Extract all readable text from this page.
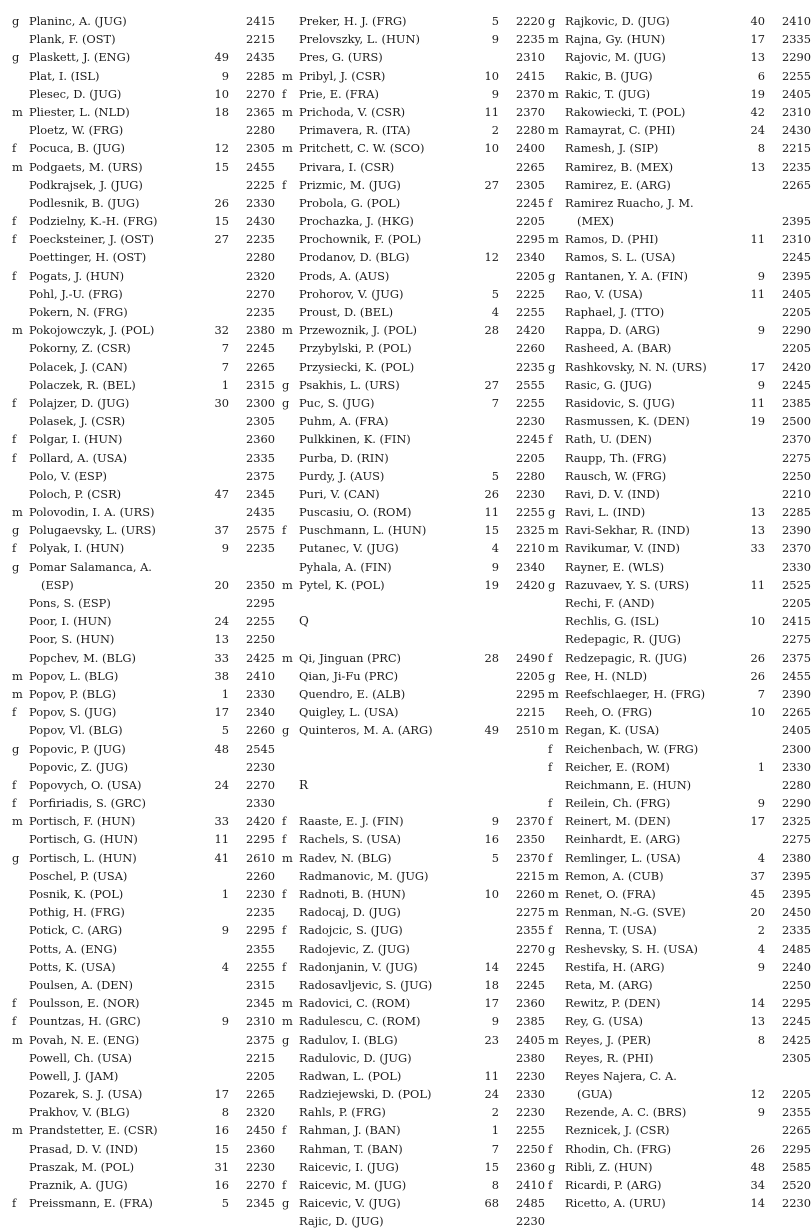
g Planinc, A. (JUG)	2415
Plank, F. (OST)	2215
g Plaskett, J. (ENG)	49	2435
Plat, I. (ISL)	9	2285
Plesec, D. (JUG)	10	2270
m Pliester, L. (NLD)	18	2365
Ploetz, W. (FRG)	2280
f	Pocuca, B. (JUG)	12	2305
m Podgaets, M. (URS)	15	2455
Podkrajsek, J. (JUG)	2225
Podlesnik, B. (JUG)	26	2330
f	Podzielny, K.-H. (FRG)	15	2430
f	Poecksteiner, J. (OST)	27	2235
Poettinger, H. (OST)	2280
f	Pogats, J. (HUN)	2320
Pohl, J.-U. (FRG)	2270
Pokern, N. (FRG)	2235
m Pokojowczyk, J. (POL)	32	2380
Pokorny, Z. (CSR)	7	2245
Polacek, J. (CAN)	7	2265
Polaczek, R. (BEL)	1	2315
f	Polajzer, D. (JUG)	30	2300
Polasek, J. (CSR)	2305
f	Polgar, I. (HUN)	2360
f	Pollard, A. (USA)	2335
Polo, V. (ESP)	2375
Poloch, P. (CSR)	47	2345
m Polovodin, I. A. (URS)	2435
g Polugaevsky, L. (URS)	37	2575
f	Polyak, I. (HUN)	9	2235
g Pomar Salamanca, A.
(ESP)	20	2350
Pons, S. (ESP)	2295
Poor, I. (HUN)	24	2255
Poor, S. (HUN)	13	2250
Popchev, M. (BLG)	33	2425
m Popov, L. (BLG)	38	2410
m Popov, P. (BLG)	1	2330
f	Popov, S. (JUG)	17	2340
Popov, Vl. (BLG)	5	2260
g Popovic, P. (JUG)	48	2545
Popovic, Z. (JUG)	2230
f	Popovych, O. (USA)	24	2270
f	Porfiriadis, S. (GRC)	2330
m Portisch, F. (HUN)	33	2420
Portisch, G. (HUN)	11	2295
g Portisch, L. (HUN)	41	2610
Poschel, P. (USA)	2260
Posnik, K. (POL)	1	2230
Pothig, H. (FRG)	2235
Potick, C. (ARG)	9	2295
Potts, A. (ENG)	2355
Potts, K. (USA)	4	2255
Poulsen, A. (DEN)	2315
f	Poulsson, E. (NOR)	2345
f	Pountzas, H. (GRC)	9	2310
m Povah, N. E. (ENG)	2375
Powell, Ch. (USA)	2215
Powell, J. (JAM)	2205
Pozarek, S. J. (USA)	17	2265
Prakhov, V. (BLG)	8	2320
m Prandstetter, E. (CSR)	16	2450
Prasad, D. V. (IND)	15	2360
Praszak, M. (POL)	31	2230
Praznik, A. (JUG)	16	2270
f	Preissmann, E. (FRA)	5	2345
Preker, H. J. (FRG)	5	2220
Prelovszky, L. (HUN)	9	2235
Pres, G. (URS)	2310
m Pribyl, J. (CSR)	10	2415
f	Prie, E. (FRA)	9	2370
m Prichoda, V. (CSR)	11	2370
Primavera, R. (ITA)	2	2280
m Pritchett, C. W. (SCO)	10	2400
Privara, I. (CSR)	2265
f	Prizmic, M. (JUG)	27	2305
Probola, G. (POL)	2245
Prochazka, J. (HKG)	2205
Prochownik, F. (POL)	2295
Prodanov, D. (BLG)	12	2340
Prods, A. (AUS)	2205
Prohorov, V. (JUG)	5	2225
Proust, D. (BEL)	4	2255
m Przewoznik, J. (POL)	28	2420
Przybylski, P. (POL)	2260
Przysiecki, K. (POL)	2235
g Psakhis, L. (URS)	27	2555
g Puc, S. (JUG)	7	2255
Puhm, A. (FRA)	2230
Pulkkinen, K. (FIN)	2245
Purba, D. (RIN)	2205
Purdy, J. (AUS)	5	2280
Puri, V. (CAN)	26	2230
Puscasiu, O. (ROM)	11	2255
f	Puschmann, L. (HUN)	15	2325
Putanec, V. (JUG)	4	2210
Pyhala, A. (FIN)	9	2340
m Pytel, K. (POL)	19	2420
Q
m Qi, Jinguan (PRC)	28	2490
Qian, Ji-Fu (PRC)	2205
Quendro, E. (ALB)	2295
Quigley, L. (USA)	2215
g Quinteros, M. A. (ARG)	49	2510
R
f	Raaste, E. J. (FIN)	9	2370
f	Rachels, S. (USA)	16	2350
m Radev, N. (BLG)	5	2370
Radmanovic, M. (JUG)	2215
f	Radnoti, B. (HUN)	10	2260
Radocaj, D. (JUG)	2275
f	Radojcic, S. (JUG)	2355
Radojevic, Z. (JUG)	2270
f	Radonjanin, V. (JUG)	14	2245
Radosavljevic, S. (JUG)	18	2245
m Radovici, C. (ROM)	17	2360
m Radulescu, C. (ROM)	9	2385
g Radulov, I. (BLG)	23	2405
Radulovic, D. (JUG)	2380
Radwan, L. (POL)	11	2230
Radziejewski, D. (POL)	24	2330
Rahls, P. (FRG)	2	2230
f	Rahman, J. (BAN)	1	2255
Rahman, T. (BAN)	7	2250
Raicevic, I. (JUG)	15	2360
f	Raicevic, M. (JUG)	8	2410
g Raicevic, V. (JUG)	68	2485
Rajic, D. (JUG)	2230
g Rajkovic, D. (JUG)	40	2410
m Rajna, Gy. (HUN)	17	2335
Rajovic, M. (JUG)	13	2290
Rakic, B. (JUG)	6	2255
m Rakic, T. (JUG)	19	2405
Rakowiecki, T. (POL)	42	2310
m Ramayrat, C. (PHI)	24	2430
Ramesh, J. (SIP)	8	2215
Ramirez, B. (MEX)	13	2235
Ramirez, E. (ARG)	2265
f	Ramirez Ruacho, J. M.
(MEX)	2395
m Ramos, D. (PHI)	11	2310
Ramos, S. L. (USA)	2245
g Rantanen, Y. A. (FIN)	9	2395
Rao, V. (USA)	11	2405
Raphael, J. (TTO)	2205
Rappa, D. (ARG)	9	2290
Rasheed, A. (BAR)	2205
g Rashkovsky, N. N. (URS)	17	2420
Rasic, G. (JUG)	9	2245
Rasidovic, S. (JUG)	11	2385
Rasmussen, K. (DEN)	19	2500
f	Rath, U. (DEN)	2370
Raupp, Th. (FRG)	2275
Rausch, W. (FRG)	2250
Ravi, D. V. (IND)	2210
g Ravi, L. (IND)	13	2285
m Ravi-Sekhar, R. (IND)	13	2390
m Ravikumar, V. (IND)	33	2370
Rayner, E. (WLS)	2330
g Razuvaev, Y. S. (URS)	11	2525
Rechi, F. (AND)	2205
Rechlis, G. (ISL)	10	2415
Redepagic, R. (JUG)	2275
f	Redzepagic, R. (JUG)	26	2375
g Ree, H. (NLD)	26	2455
m Reefschlaeger, H. (FRG)	7	2390
Reeh, O. (FRG)	10	2265
m Regan, K. (USA)	2405
f	Reichenbach, W. (FRG)	2300
f	Reicher, E. (ROM)	1	2330
Reichmann, E. (HUN)	2280
f	Reilein, Ch. (FRG)	9	2290
f	Reinert, M. (DEN)	17	2325
Reinhardt, E. (ARG)	2275
f	Remlinger, L. (USA)	4	2380
m Remon, A. (CUB)	37	2395
m Renet, O. (FRA)	45	2395
m Renman, N.-G. (SVE)	20	2450
f	Renna, T. (USA)	2	2335
g Reshevsky, S. H. (USA)	4	2485
Restifa, H. (ARG)	9	2240
Reta, M. (ARG)	2250
Rewitz, P. (DEN)	14	2295
Rey, G. (USA)	13	2245
m Reyes, J. (PER)	8	2425
Reyes, R. (PHI)	2305
Reyes Najera, C. A.
(GUA)	12	2205
Rezende, A. C. (BRS)	9	2355
Reznicek, J. (CSR)	2265
f	Rhodin, Ch. (FRG)	26	2295
g Ribli, Z. (HUN)	48	2585
f	Ricardi, P. (ARG)	34	2520
Ricetto, A. (URU)	14	2230
